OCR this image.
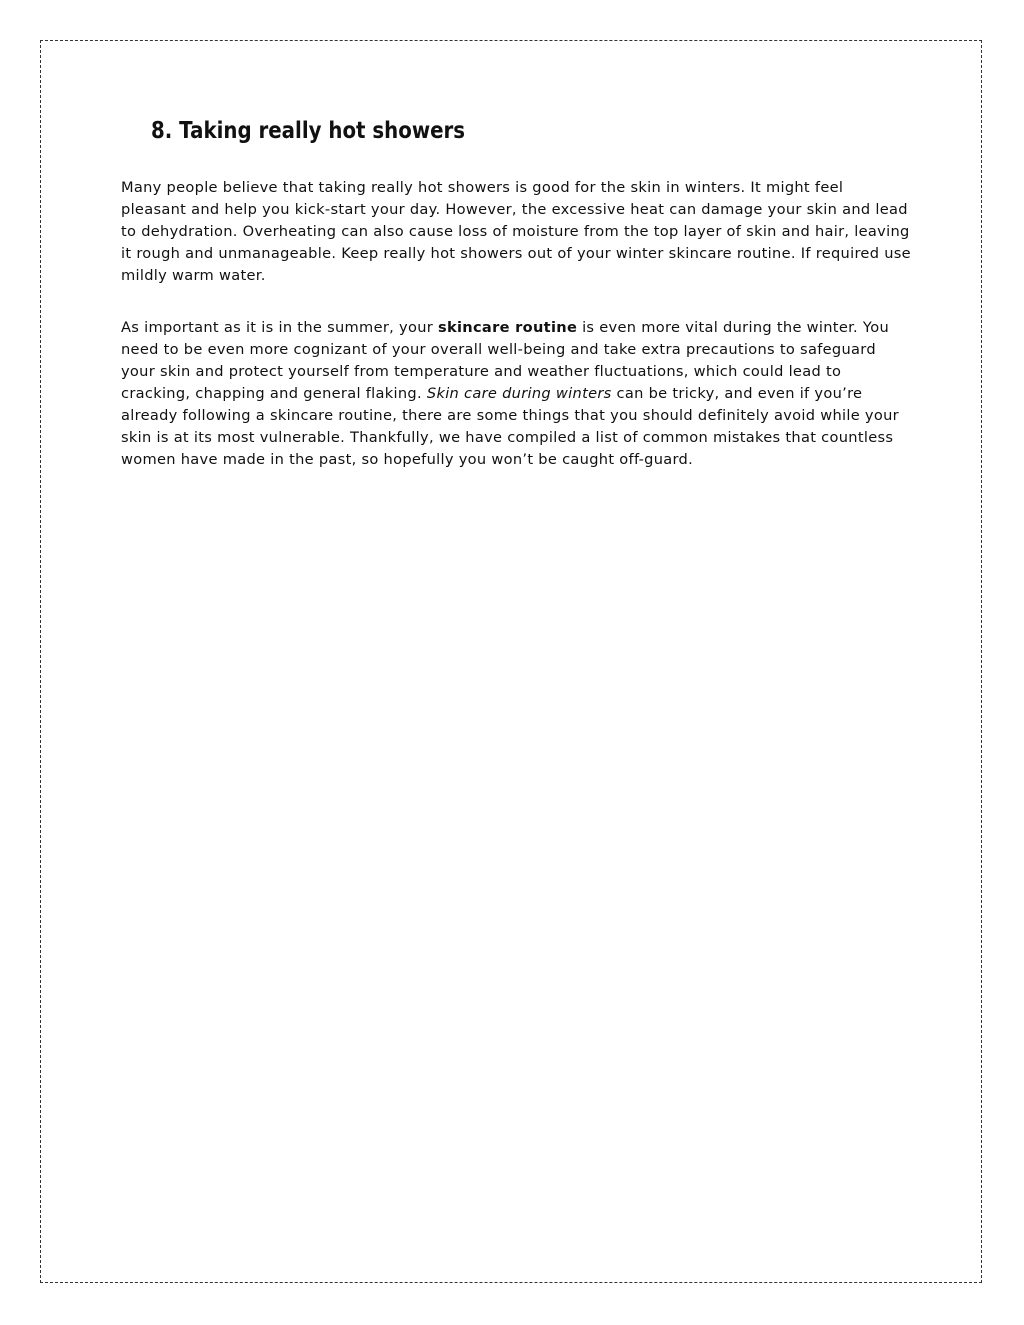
8. Taking really hot showers

Many people believe that taking really hot showers is good for the skin in winters. It might feel pleasant and help you kick-start your day. However, the excessive heat can damage your skin and lead to dehydration. Overheating can also cause loss of moisture from the top layer of skin and hair, leaving it rough and unmanageable. Keep really hot showers out of your winter skincare routine. If required use mildly warm water.

As important as it is in the summer, your skincare routine is even more vital during the winter. You need to be even more cognizant of your overall well-being and take extra precautions to safeguard your skin and protect yourself from temperature and weather fluctuations, which could lead to cracking, chapping and general flaking. Skin care during winters can be tricky, and even if you’re already following a skincare routine, there are some things that you should definitely avoid while your skin is at its most vulnerable. Thankfully, we have compiled a list of common mistakes that countless women have made in the past, so hopefully you won’t be caught off-guard.
